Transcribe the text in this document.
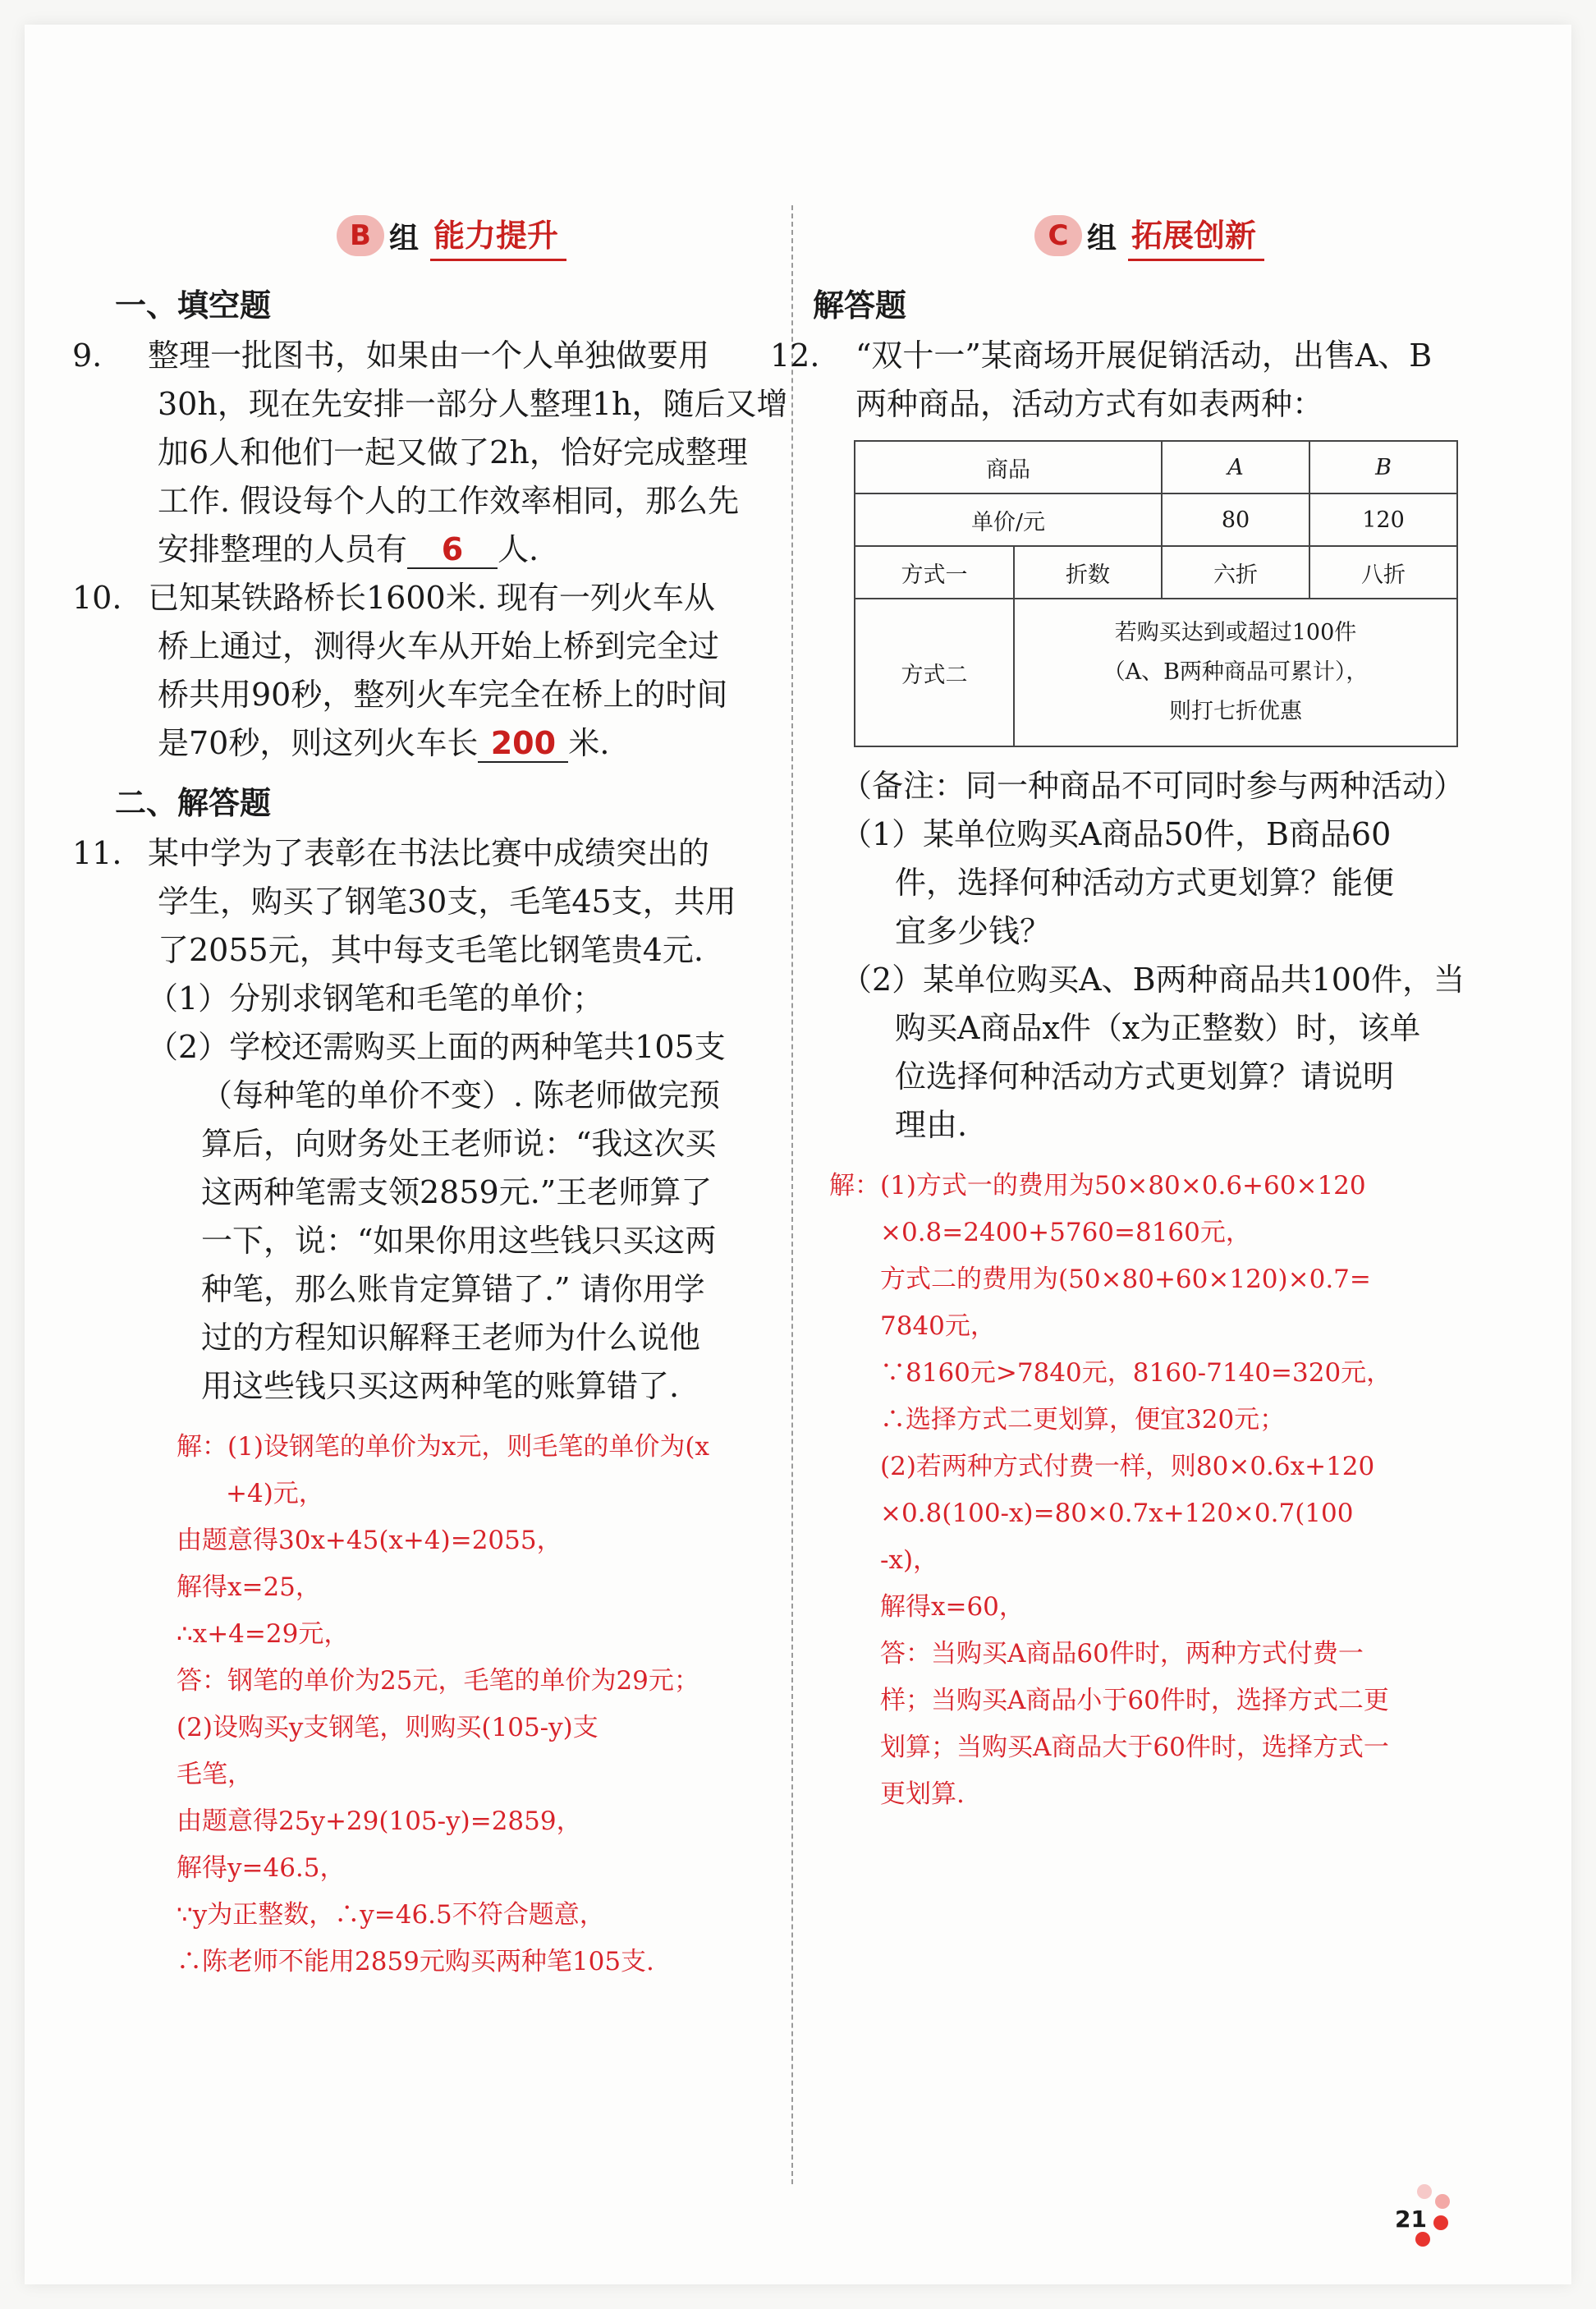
B 组 能力提升
一、填空题

9. 整理一批图书，如果由一个人单独做要用

30h，现在先安排一部分人整理1h，随后又增

加6人和他们一起又做了2h，恰好完成整理

工作. 假设每个人的工作效率相同，那么先

安排整理的人员有 6 人.

10. 已知某铁路桥长1600米. 现有一列火车从

桥上通过，测得火车从开始上桥到完全过

桥共用90秒，整列火车完全在桥上的时间

是70秒，则这列火车长 200 米.

二、解答题

11. 某中学为了表彰在书法比赛中成绩突出的

学生，购买了钢笔30支，毛笔45支，共用

了2055元，其中每支毛笔比钢笔贵4元.

（1）分别求钢笔和毛笔的单价；

（2）学校还需购买上面的两种笔共105支

（每种笔的单价不变）. 陈老师做完预

算后，向财务处王老师说：“我这次买

这两种笔需支领2859元.”王老师算了

一下，说：“如果你用这些钱只买这两

种笔，那么账肯定算错了.” 请你用学

过的方程知识解释王老师为什么说他

用这些钱只买这两种笔的账算错了.

解：(1)设钢笔的单价为x元，则毛笔的单价为(x

+4)元，

由题意得30x+45(x+4)=2055，

解得x=25，

∴x+4=29元，

答：钢笔的单价为25元，毛笔的单价为29元；

(2)设购买y支钢笔，则购买(105-y)支

毛笔，

由题意得25y+29(105-y)=2859，

解得y=46.5，

∵y为正整数，∴y=46.5不符合题意，

∴陈老师不能用2859元购买两种笔105支.

C 组 拓展创新
解答题

12. “双十一”某商场开展促销活动，出售A、B

两种商品，活动方式有如表两种：

商品		A	B
单价/元		80	120
方式一	折数	六折	八折
方式二	若购买达到或超过100件
（A、B两种商品可累计），
则打七折优惠		

（备注：同一种商品不可同时参与两种活动）

（1）某单位购买A商品50件，B商品60

件，选择何种活动方式更划算？能便

宜多少钱？

（2）某单位购买A、B两种商品共100件，当

购买A商品x件（x为正整数）时，该单

位选择何种活动方式更划算？请说明

理由.

解：(1)方式一的费用为50×80×0.6+60×120

×0.8=2400+5760=8160元，

方式二的费用为(50×80+60×120)×0.7=

7840元，

∵8160元>7840元，8160-7140=320元，

∴选择方式二更划算，便宜320元；

(2)若两种方式付费一样，则80×0.6x+120

×0.8(100-x)=80×0.7x+120×0.7(100

-x)，

解得x=60，

答：当购买A商品60件时，两种方式付费一

样；当购买A商品小于60件时，选择方式二更

划算；当购买A商品大于60件时，选择方式一

更划算.

21
